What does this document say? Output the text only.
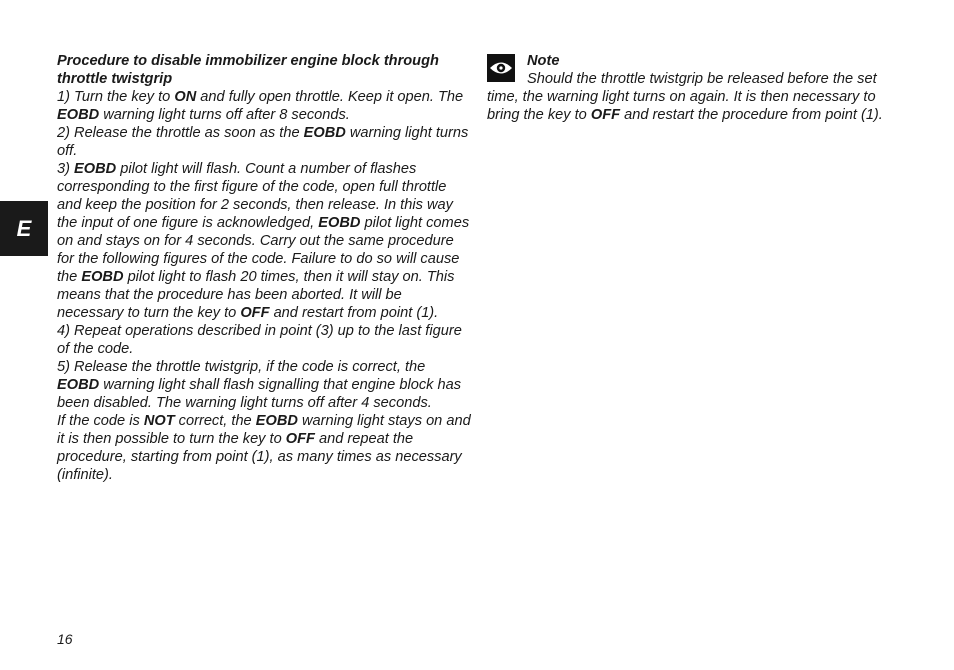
E
Procedure to disable immobilizer engine block through throttle twistgrip
1) Turn the key to ON and fully open throttle. Keep it open. The EOBD warning light turns off after 8 seconds.
2) Release the throttle as soon as the EOBD warning light turns off.
3) EOBD pilot light will flash. Count a number of flashes corresponding to the first figure of the code, open full throttle and keep the position for 2 seconds, then release. In this way the input of one figure is acknowledged, EOBD pilot light comes on and stays on for 4 seconds. Carry out the same procedure for the following figures of the code. Failure to do so will cause the EOBD pilot light to flash 20 times, then it will stay on. This means that the procedure has been aborted. It will be necessary to turn the key to OFF and restart from point (1).
4) Repeat operations described in point (3) up to the last figure of the code.
5) Release the throttle twistgrip, if the code is correct, the EOBD warning light shall flash signalling that engine block has been disabled. The warning light turns off after 4 seconds.
If the code is NOT correct, the EOBD warning light stays on and it is then possible to turn the key to OFF and repeat the procedure, starting from point (1), as many times as necessary (infinite).
Note
Should the throttle twistgrip be released before the set time, the warning light turns on again. It is then necessary to bring the key to OFF and restart the procedure from point (1).
16
